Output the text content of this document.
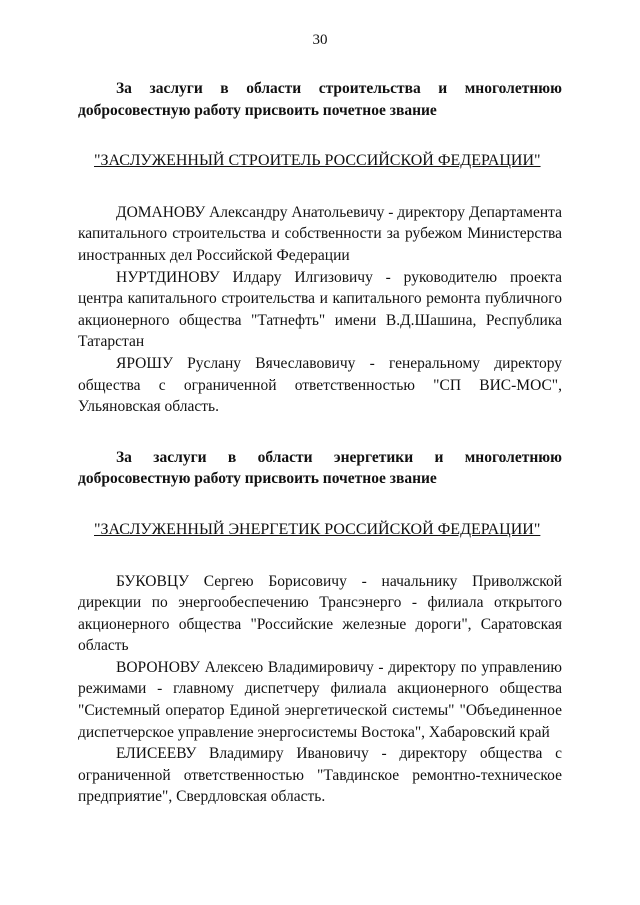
30

За заслуги в области строительства и многолетнюю добросовестную работу присвоить почетное звание

"ЗАСЛУЖЕННЫЙ СТРОИТЕЛЬ РОССИЙСКОЙ ФЕДЕРАЦИИ"

ДОМАНОВУ Александру Анатольевичу - директору Департамента капитального строительства и собственности за рубежом Министерства иностранных дел Российской Федерации

НУРТДИНОВУ Илдару Илгизовичу - руководителю проекта центра капитального строительства и капитального ремонта публичного акционерного общества "Татнефть" имени В.Д.Шашина, Республика Татарстан

ЯРОШУ Руслану Вячеславовичу - генеральному директору общества с ограниченной ответственностью "СП ВИС-МОС", Ульяновская область.

За заслуги в области энергетики и многолетнюю добросовестную работу присвоить почетное звание

"ЗАСЛУЖЕННЫЙ ЭНЕРГЕТИК РОССИЙСКОЙ ФЕДЕРАЦИИ"

БУКОВЦУ Сергею Борисовичу - начальнику Приволжской дирекции по энергообеспечению Трансэнерго - филиала открытого акционерного общества "Российские железные дороги", Саратовская область

ВОРОНОВУ Алексею Владимировичу - директору по управлению режимами - главному диспетчеру филиала акционерного общества "Системный оператор Единой энергетической системы" "Объединенное диспетчерское управление энергосистемы Востока", Хабаровский край

ЕЛИСЕЕВУ Владимиру Ивановичу - директору общества с ограниченной ответственностью "Тавдинское ремонтно-техническое предприятие", Свердловская область.
